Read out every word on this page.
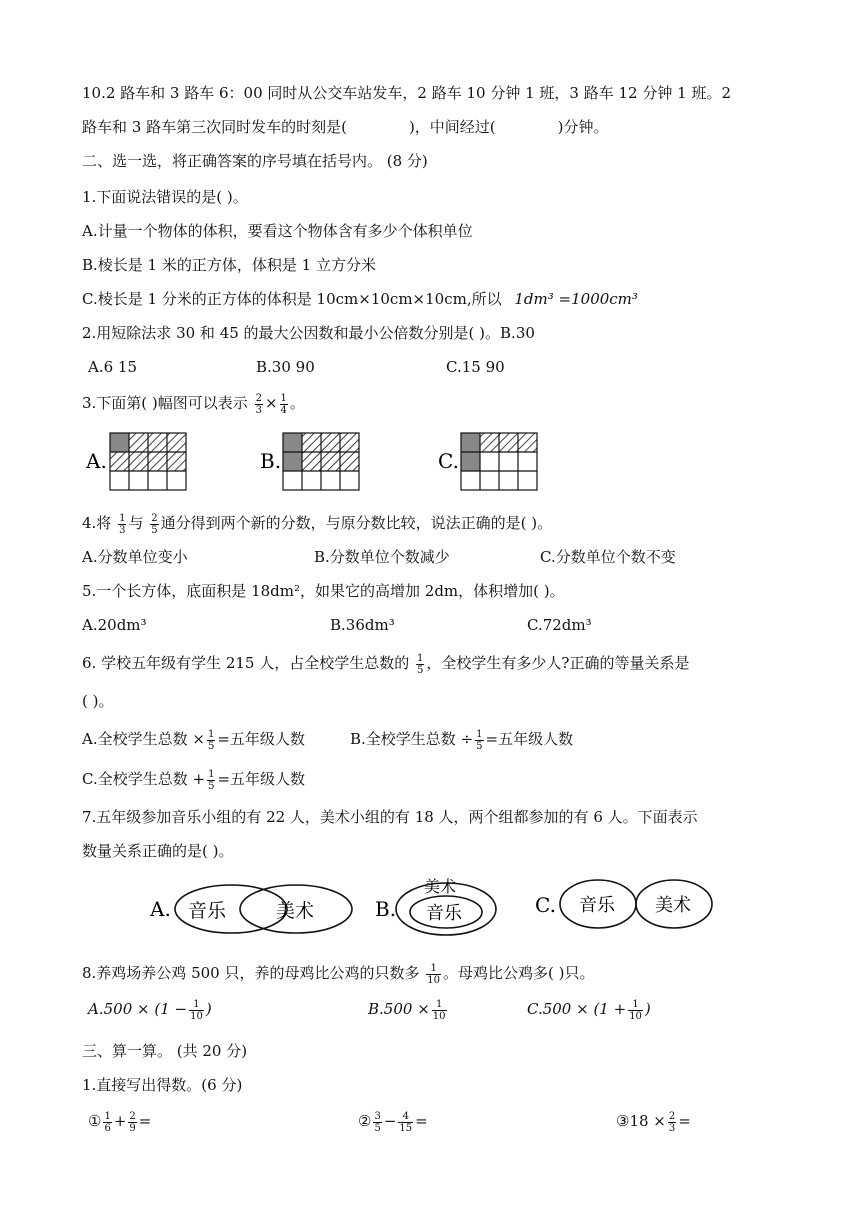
10.2 路车和 3 路车 6：00 同时从公交车站发车，2 路车 10 分钟 1 班，3 路车 12 分钟 1 班。2
路车和 3 路车第三次同时发车的时刻是(	)，中间经过(	)分钟。
二、选一选，将正确答案的序号填在括号内。 (8 分)
1.下面说法错误的是( )。
A.计量一个物体的体积，要看这个物体含有多少个体积单位
B.棱长是 1 米的正方体，体积是 1 立方分米
C.棱长是 1 分米的正方体的体积是 10cm×10cm×10cm,所以 1dm³ =1000cm³
2.用短除法求 30 和 45 的最大公因数和最小公倍数分别是( )。B.30
A.6 15	B.30 90	C.15 90
3.下面第( )幅图可以表示 $\frac{2}{3} \times \frac{1}{4}$ 。
A.	B.	C.
4.将 $\frac{1}{3}$ 与 $\frac{2}{5}$ 通分得到两个新的分数，与原分数比较，说法正确的是( )。
A.分数单位变小	B.分数单位个数减少	C.分数单位个数不变
5.一个长方体，底面积是 18dm²，如果它的高增加 2dm，体积增加( )。
A.20dm³	B.36dm³	C.72dm³
6. 学校五年级有学生 215 人，占全校学生总数的 $\frac{1}{5}$ ，全校学生有多少人?正确的等量关系是
( )。
A.全校学生总数 × $\frac{1}{5}$ =五年级人数	B.全校学生总数 ÷ $\frac{1}{5}$ =五年级人数
C.全校学生总数 + $\frac{1}{5}$ =五年级人数
7.五年级参加音乐小组的有 22 人，美术小组的有 18 人，两个组都参加的有 6 人。下面表示
数量关系正确的是( )。
A. 音乐	美术	B.
美术
音乐	C. 音乐 美术
8.养鸡场养公鸡 500 只，养的母鸡比公鸡的只数多 $\frac{1}{10}$ 。母鸡比公鸡多( )只。
$A.500 \times (1 - \frac{1}{10}$ )	$B.500 \times \frac{1}{10}$	$C.500 \times (1 + \frac{1}{10}$ )
三、算一算。 (共 20 分)
1.直接写出得数。(6 分)
① $\frac{1}{6} + \frac{2}{9}$ =	② $\frac{3}{5} - \frac{4}{15}$ =	③18 × $\frac{2}{3}$ =
